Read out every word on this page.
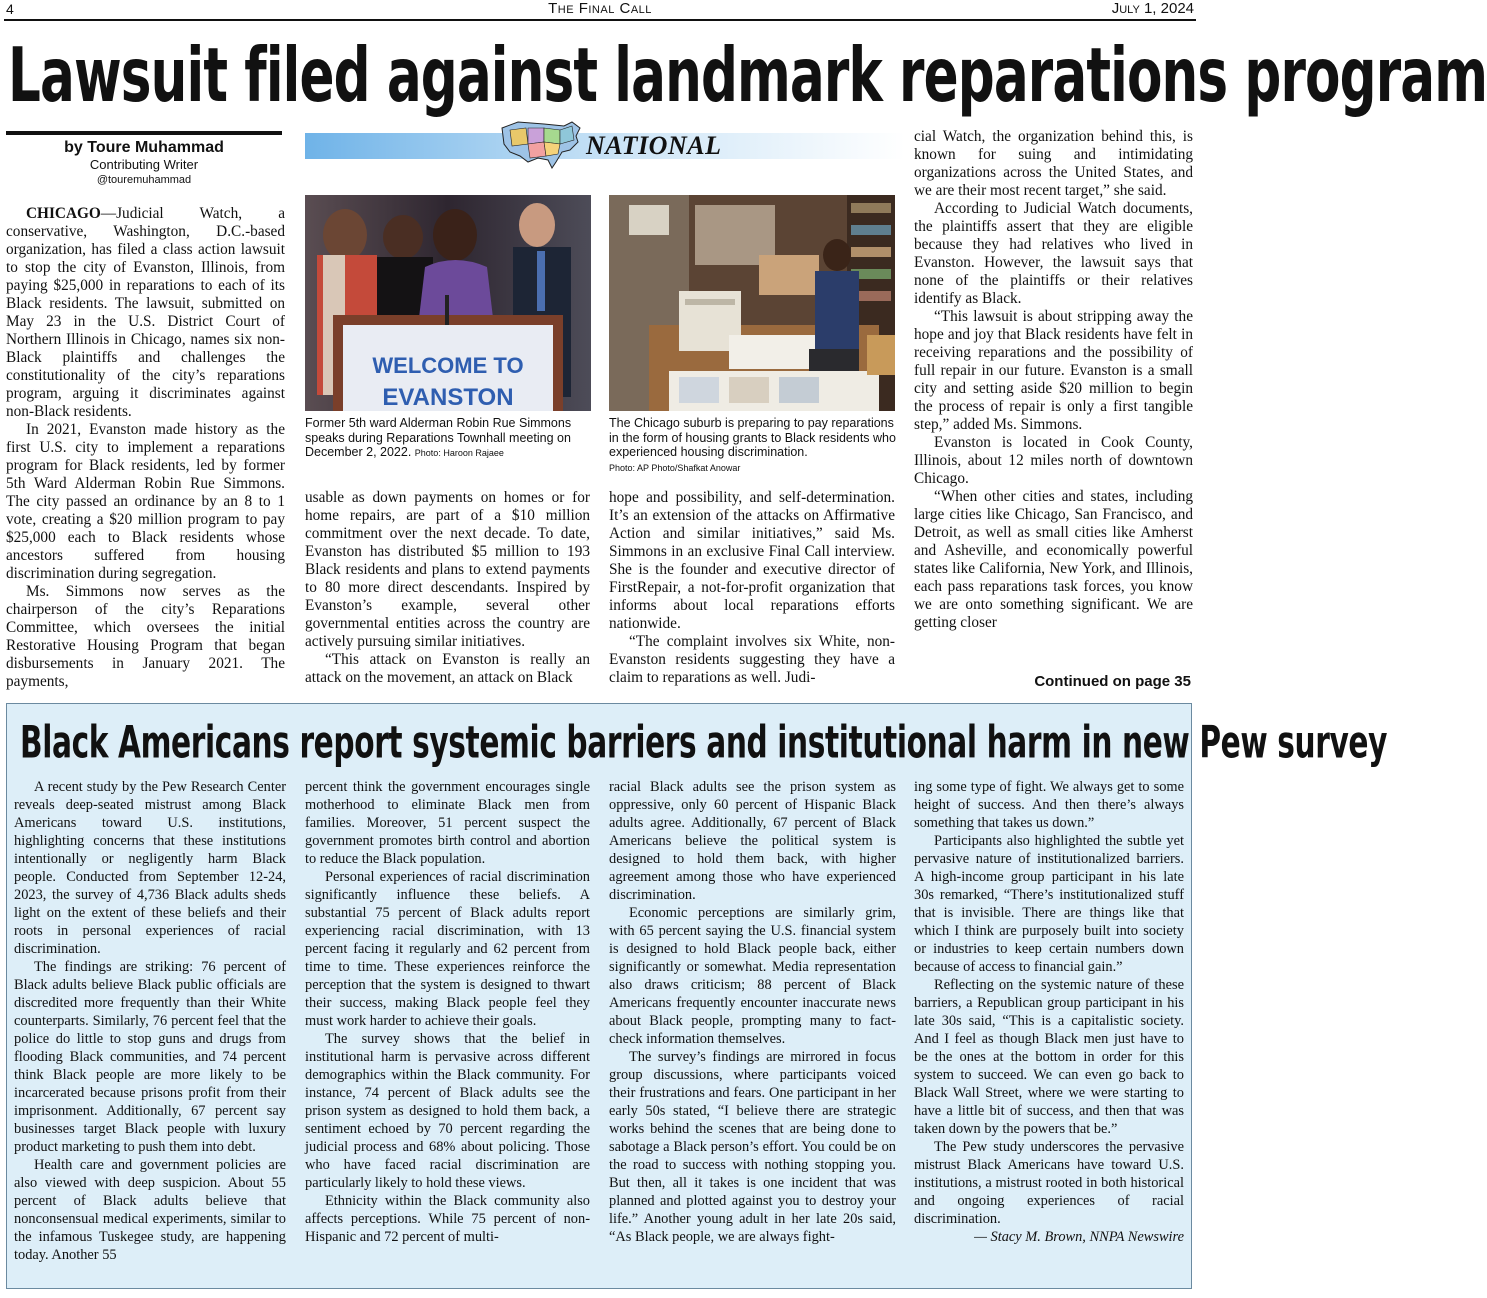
4	The Final Call	July 1, 2024
Lawsuit filed against landmark reparations program
by Toure Muhammad
Contributing Writer
@touremuhammad

CHICAGO—Judicial Watch, a conservative, Washington, D.C.-based organization, has filed a class action lawsuit to stop the city of Evanston, Illinois, from paying $25,000 in reparations to each of its Black residents. The lawsuit, submitted on May 23 in the U.S. District Court of Northern Illinois in Chicago, names six non-Black plaintiffs and challenges the constitutionality of the city’s reparations program, arguing it discriminates against non-Black residents.

In 2021, Evanston made history as the first U.S. city to implement a reparations program for Black residents, led by former 5th Ward Alderman Robin Rue Simmons. The city passed an ordinance by an 8 to 1 vote, creating a $20 million program to pay $25,000 each to Black residents whose ancestors suffered from housing discrimination during segregation.

Ms. Simmons now serves as the chairperson of the city’s Reparations Committee, which oversees the initial Restorative Housing Program that began disbursements in January 2021. The payments,

NATIONAL
WELCOME TO
EVANSTON
Former 5th ward Alderman Robin Rue Simmons speaks during Reparations Townhall meeting on December 2, 2022. Photo: Haroon Rajaee
The Chicago suburb is preparing to pay reparations in the form of housing grants to Black residents who experienced housing discrimination.
Photo: AP Photo/Shafkat Anowar

usable as down payments on homes or for home repairs, are part of a $10 million commitment over the next decade. To date, Evanston has distributed $5 million to 193 Black residents and plans to extend payments to 80 more direct descendants. Inspired by Evanston’s example, several other governmental entities across the country are actively pursuing similar initiatives.

“This attack on Evanston is really an attack on the movement, an attack on Black

hope and possibility, and self-determination. It’s an extension of the attacks on Affirmative Action and similar initiatives,” said Ms. Simmons in an exclusive Final Call interview. She is the founder and executive director of FirstRepair, a not-for-profit organization that informs about local reparations efforts nationwide.

“The complaint involves six White, non-Evanston residents suggesting they have a claim to reparations as well. Judi-

cial Watch, the organization behind this, is known for suing and intimidating organizations across the United States, and we are their most recent target,” she said.

According to Judicial Watch documents, the plaintiffs assert that they are eligible because they had relatives who lived in Evanston. However, the lawsuit says that none of the plaintiffs or their relatives identify as Black.

“This lawsuit is about stripping away the hope and joy that Black residents have felt in receiving reparations and the possibility of full repair in our future. Evanston is a small city and setting aside $20 million to begin the process of repair is only a first tangible step,” added Ms. Simmons.

Evanston is located in Cook County, Illinois, about 12 miles north of downtown Chicago.

“When other cities and states, including large cities like Chicago, San Francisco, and Detroit, as well as small cities like Amherst and Asheville, and economically powerful states like California, New York, and Illinois, each pass reparations task forces, you know we are onto something significant. We are getting closer

Continued on page 35
Black Americans report systemic barriers and institutional harm in new Pew survey

A recent study by the Pew Research Center reveals deep-seated mistrust among Black Americans toward U.S. institutions, highlighting concerns that these institutions intentionally or negligently harm Black people. Conducted from September 12-24, 2023, the survey of 4,736 Black adults sheds light on the extent of these beliefs and their roots in personal experiences of racial discrimination.

The findings are striking: 76 percent of Black adults believe Black public officials are discredited more frequently than their White counterparts. Similarly, 76 percent feel that the police do little to stop guns and drugs from flooding Black communities, and 74 percent think Black people are more likely to be incarcerated because prisons profit from their imprisonment. Additionally, 67 percent say businesses target Black people with luxury product marketing to push them into debt.

Health care and government policies are also viewed with deep suspicion. About 55 percent of Black adults believe that nonconsensual medical experiments, similar to the infamous Tuskegee study, are happening today. Another 55

percent think the government encourages single motherhood to eliminate Black men from families. Moreover, 51 percent suspect the government promotes birth control and abortion to reduce the Black population.

Personal experiences of racial discrimination significantly influence these beliefs. A substantial 75 percent of Black adults report experiencing racial discrimination, with 13 percent facing it regularly and 62 percent from time to time. These experiences reinforce the perception that the system is designed to thwart their success, making Black people feel they must work harder to achieve their goals.

The survey shows that the belief in institutional harm is pervasive across different demographics within the Black community. For instance, 74 percent of Black adults see the prison system as designed to hold them back, a sentiment echoed by 70 percent regarding the judicial process and 68% about policing. Those who have faced racial discrimination are particularly likely to hold these views.

Ethnicity within the Black community also affects perceptions. While 75 percent of non-Hispanic and 72 percent of multi-

racial Black adults see the prison system as oppressive, only 60 percent of Hispanic Black adults agree. Additionally, 67 percent of Black Americans believe the political system is designed to hold them back, with higher agreement among those who have experienced discrimination.

Economic perceptions are similarly grim, with 65 percent saying the U.S. financial system is designed to hold Black people back, either significantly or somewhat. Media representation also draws criticism; 88 percent of Black Americans frequently encounter inaccurate news about Black people, prompting many to fact-check information themselves.

The survey’s findings are mirrored in focus group discussions, where participants voiced their frustrations and fears. One participant in her early 50s stated, “I believe there are strategic works behind the scenes that are being done to sabotage a Black person’s effort. You could be on the road to success with nothing stopping you. But then, all it takes is one incident that was planned and plotted against you to destroy your life.” Another young adult in her late 20s said, “As Black people, we are always fight-

ing some type of fight. We always get to some height of success. And then there’s always something that takes us down.”

Participants also highlighted the subtle yet pervasive nature of institutionalized barriers. A high-income group participant in his late 30s remarked, “There’s institutionalized stuff that is invisible. There are things like that which I think are purposely built into society or industries to keep certain numbers down because of access to financial gain.”

Reflecting on the systemic nature of these barriers, a Republican group participant in his late 30s said, “This is a capitalistic society. And I feel as though Black men just have to be the ones at the bottom in order for this system to succeed. We can even go back to Black Wall Street, where we were starting to have a little bit of success, and then that was taken down by the powers that be.”

The Pew study underscores the pervasive mistrust Black Americans have toward U.S. institutions, a mistrust rooted in both historical and ongoing experiences of racial discrimination.

— Stacy M. Brown, NNPA Newswire
